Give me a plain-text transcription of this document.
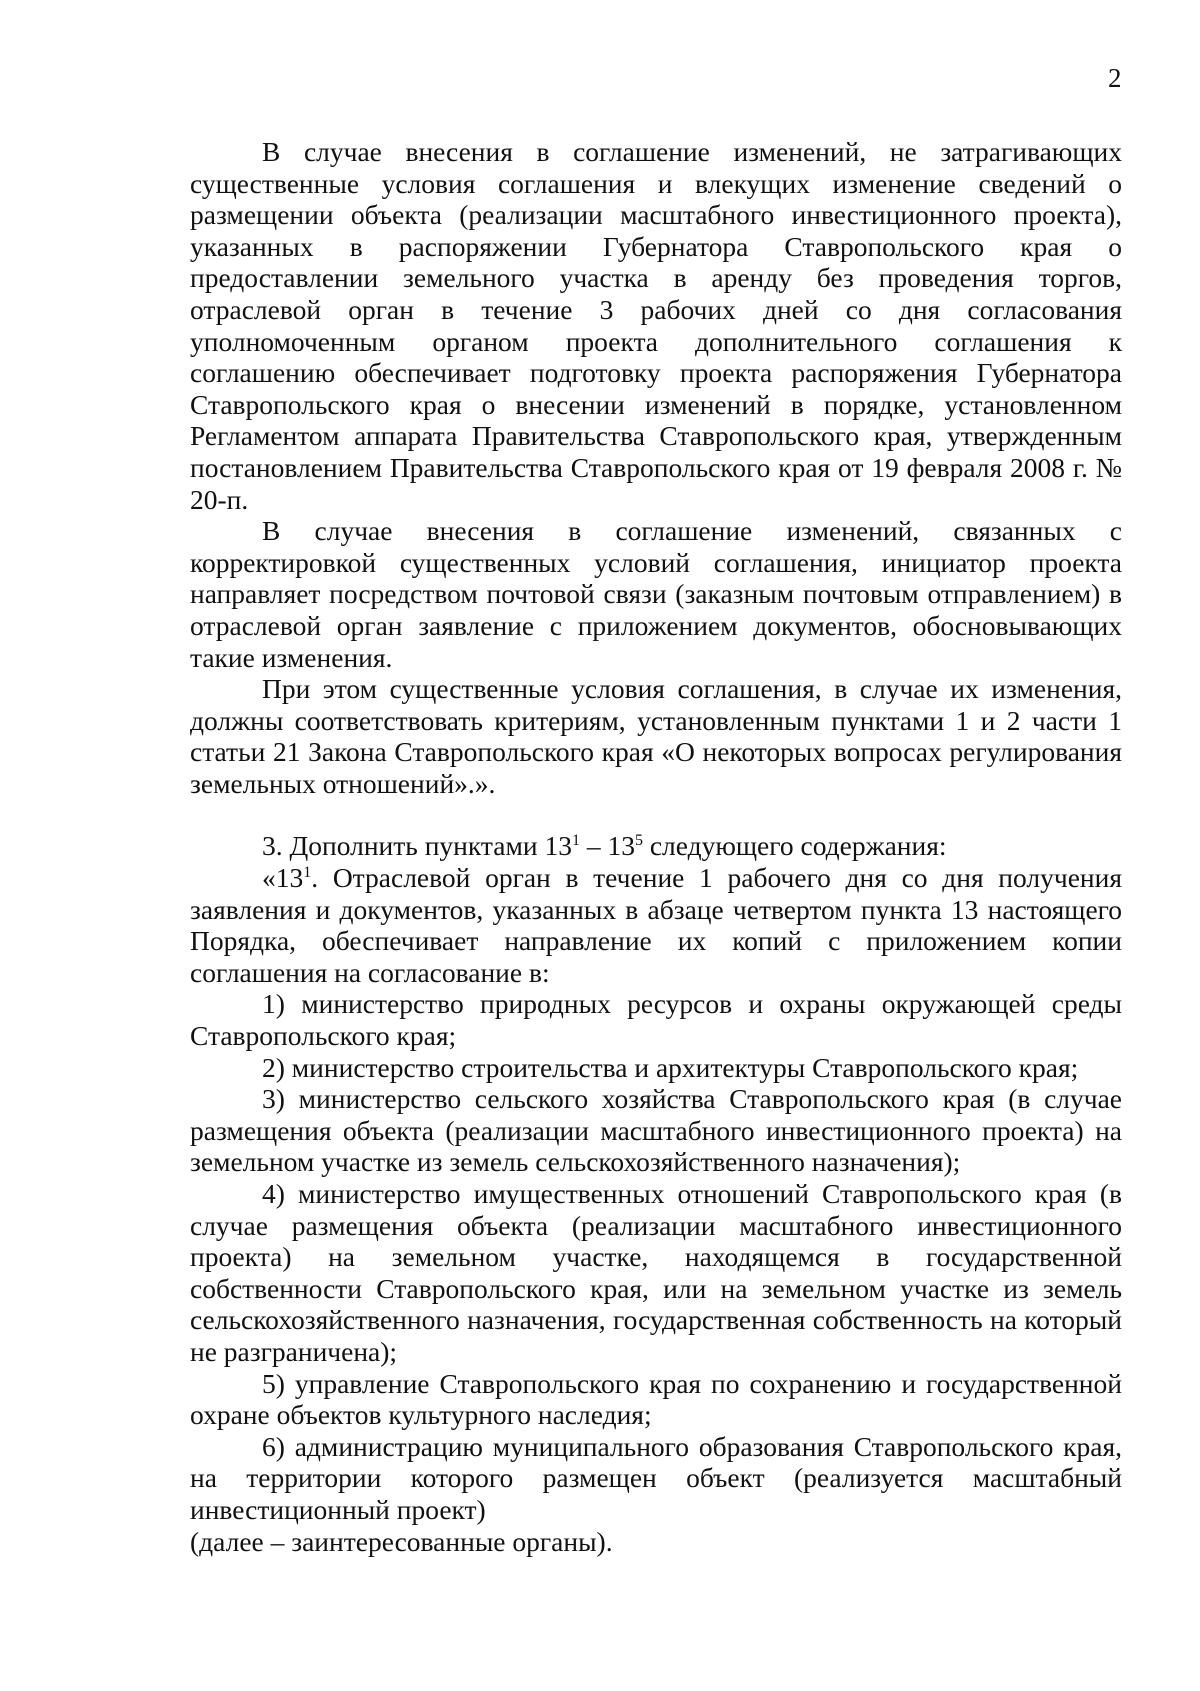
2

В случае внесения в соглашение изменений, не затрагивающих существенные условия соглашения и влекущих изменение сведений о размещении объекта (реализации масштабного инвестиционного проекта), указанных в распоряжении Губернатора Ставропольского края о предоставлении земельного участка в аренду без проведения торгов, отраслевой орган в течение 3 рабочих дней со дня согласования уполномоченным органом проекта дополнительного соглашения к соглашению обеспечивает подготовку проекта распоряжения Губернатора Ставропольского края о внесении изменений в порядке, установленном Регламентом аппарата Правительства Ставропольского края, утвержденным постановлением Правительства Ставропольского края от 19 февраля 2008 г. № 20-п.

В случае внесения в соглашение изменений, связанных с корректировкой существенных условий соглашения, инициатор проекта направляет посредством почтовой связи (заказным почтовым отправлением) в отраслевой орган заявление с приложением документов, обосновывающих такие изменения.

При этом существенные условия соглашения, в случае их изменения, должны соответствовать критериям, установленным пунктами 1 и 2 части 1 статьи 21 Закона Ставропольского края «О некоторых вопросах регулирования земельных отношений».».

3. Дополнить пунктами $13^1 - 13^5$ следующего содержания:

«$13^1$. Отраслевой орган в течение 1 рабочего дня со дня получения заявления и документов, указанных в абзаце четвертом пункта 13 настоящего Порядка, обеспечивает направление их копий с приложением копии соглашения на согласование в:

1) министерство природных ресурсов и охраны окружающей среды Ставропольского края;

2) министерство строительства и архитектуры Ставропольского края;

3) министерство сельского хозяйства Ставропольского края (в случае размещения объекта (реализации масштабного инвестиционного проекта) на земельном участке из земель сельскохозяйственного назначения);

4) министерство имущественных отношений Ставропольского края (в случае размещения объекта (реализации масштабного инвестиционного проекта) на земельном участке, находящемся в государственной собственности Ставропольского края, или на земельном участке из земель сельскохозяйственного назначения, государственная собственность на который не разграничена);

5) управление Ставропольского края по сохранению и государственной охране объектов культурного наследия;

6) администрацию муниципального образования Ставропольского края, на территории которого размещен объект (реализуется масштабный инвестиционный проект)

(далее – заинтересованные органы).
